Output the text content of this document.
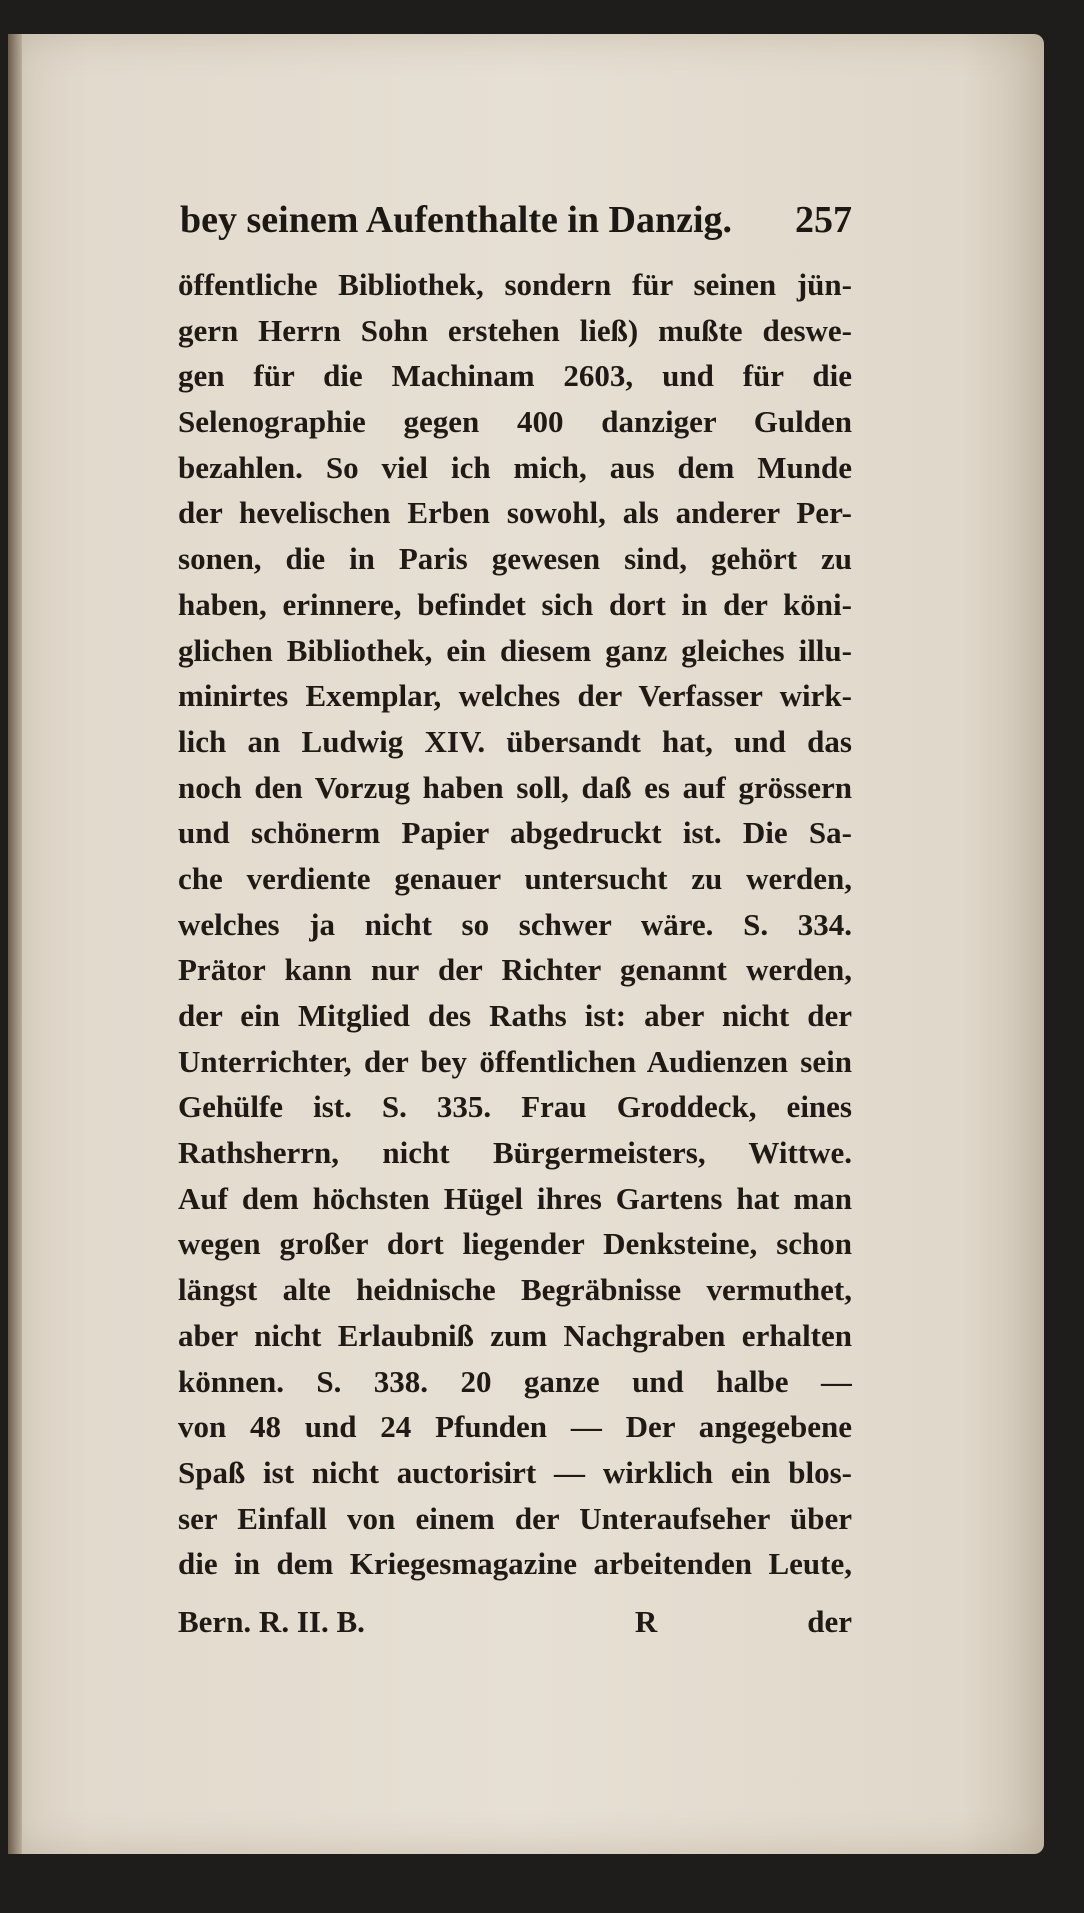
bey seinem Aufenthalte in Danzig. 257
öffentliche Bibliothek, sondern für seinen jün-
gern Herrn Sohn erstehen ließ) mußte deswe-
gen für die Machinam 2603, und für die
Selenographie gegen 400 danziger Gulden
bezahlen. So viel ich mich, aus dem Munde
der hevelischen Erben sowohl, als anderer Per-
sonen, die in Paris gewesen sind, gehört zu
haben, erinnere, befindet sich dort in der köni-
glichen Bibliothek, ein diesem ganz gleiches illu-
minirtes Exemplar, welches der Verfasser wirk-
lich an Ludwig XIV. übersandt hat, und das
noch den Vorzug haben soll, daß es auf grössern
und schönerm Papier abgedruckt ist. Die Sa-
che verdiente genauer untersucht zu werden,
welches ja nicht so schwer wäre. S. 334.
Prätor kann nur der Richter genannt werden,
der ein Mitglied des Raths ist: aber nicht der
Unterrichter, der bey öffentlichen Audienzen sein
Gehülfe ist. S. 335. Frau Groddeck, eines
Rathsherrn, nicht Bürgermeisters, Wittwe.
Auf dem höchsten Hügel ihres Gartens hat man
wegen großer dort liegender Denksteine, schon
längst alte heidnische Begräbnisse vermuthet,
aber nicht Erlaubniß zum Nachgraben erhalten
können. S. 338. 20 ganze und halbe —
von 48 und 24 Pfunden — Der angegebene
Spaß ist nicht auctorisirt — wirklich ein blos-
ser Einfall von einem der Unteraufseher über
die in dem Kriegesmagazine arbeitenden Leute,
Bern. R. II. B.	R	der
